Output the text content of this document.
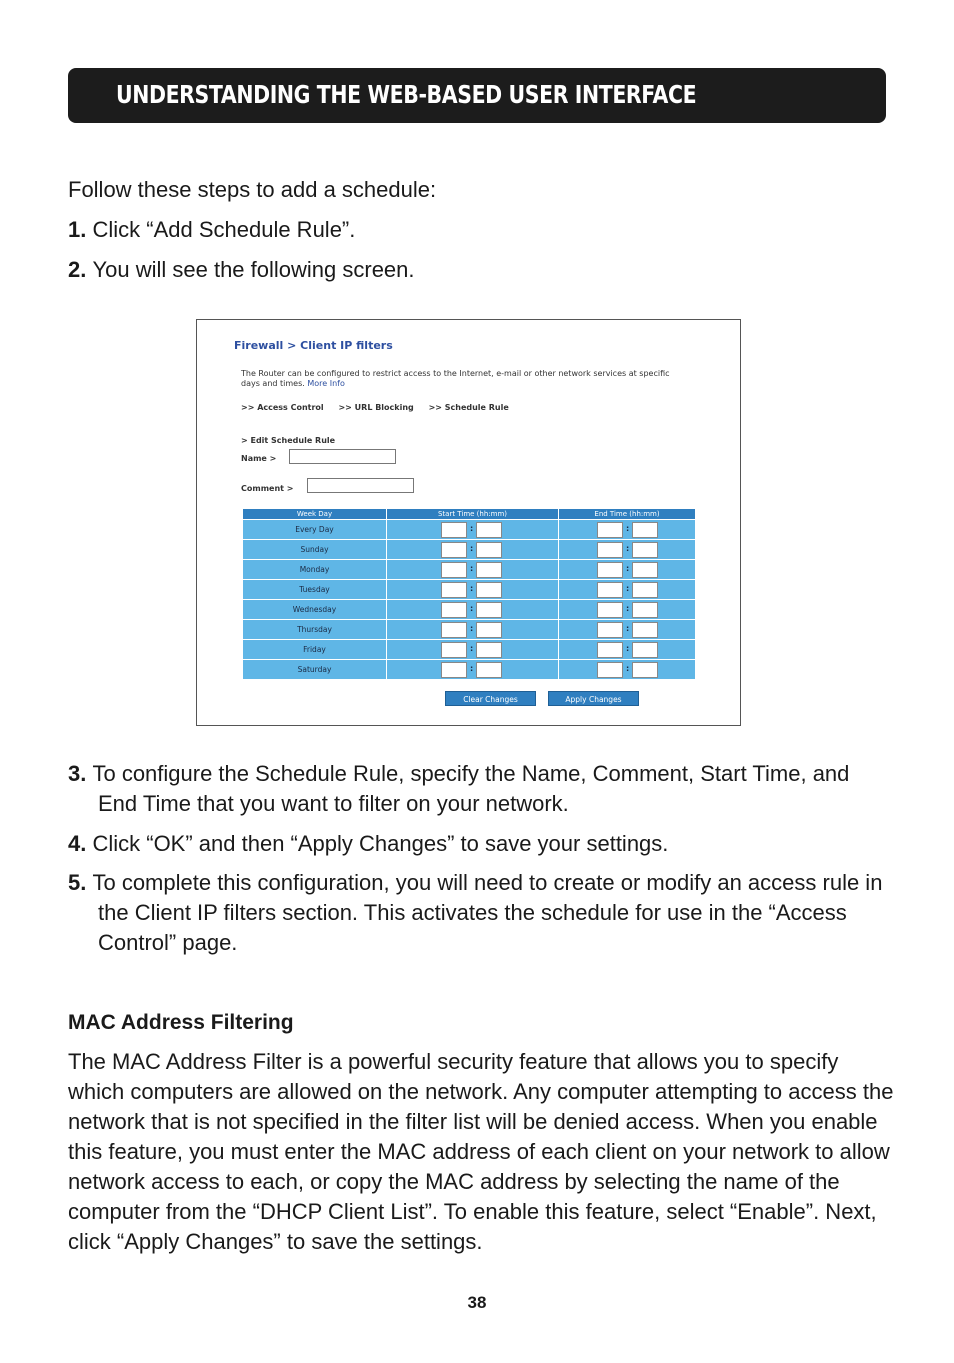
UNDERSTANDING THE WEB-BASED USER INTERFACE

Follow these steps to add a schedule:

1. Click “Add Schedule Rule”.

2. You will see the following screen.

Firewall > Client IP filters
The Router can be configured to restrict access to the Internet, e-mail or other network services at specific days and times. More Info
>> Access Control >> URL Blocking >> Schedule Rule
> Edit Schedule Rule
Name >
Comment >
Week Day	Start Time (hh:mm)	End Time (hh:mm)
Every Day	:	:
Sunday	:	:
Monday	:	:
Tuesday	:	:
Wednesday	:	:
Thursday	:	:
Friday	:	:
Saturday	:	:
Clear Changes	Apply Changes

3. To configure the Schedule Rule, specify the Name, Comment, Start Time, and End Time that you want to filter on your network.

4. Click “OK” and then “Apply Changes” to save your settings.

5. To complete this configuration, you will need to create or modify an access rule in the Client IP filters section. This activates the schedule for use in the “Access Control” page.

MAC Address Filtering

The MAC Address Filter is a powerful security feature that allows you to specify which computers are allowed on the network. Any computer attempting to access the network that is not specified in the filter list will be denied access. When you enable this feature, you must enter the MAC address of each client on your network to allow network access to each, or copy the MAC address by selecting the name of the computer from the “DHCP Client List”. To enable this feature, select “Enable”. Next, click “Apply Changes” to save the settings.

38
